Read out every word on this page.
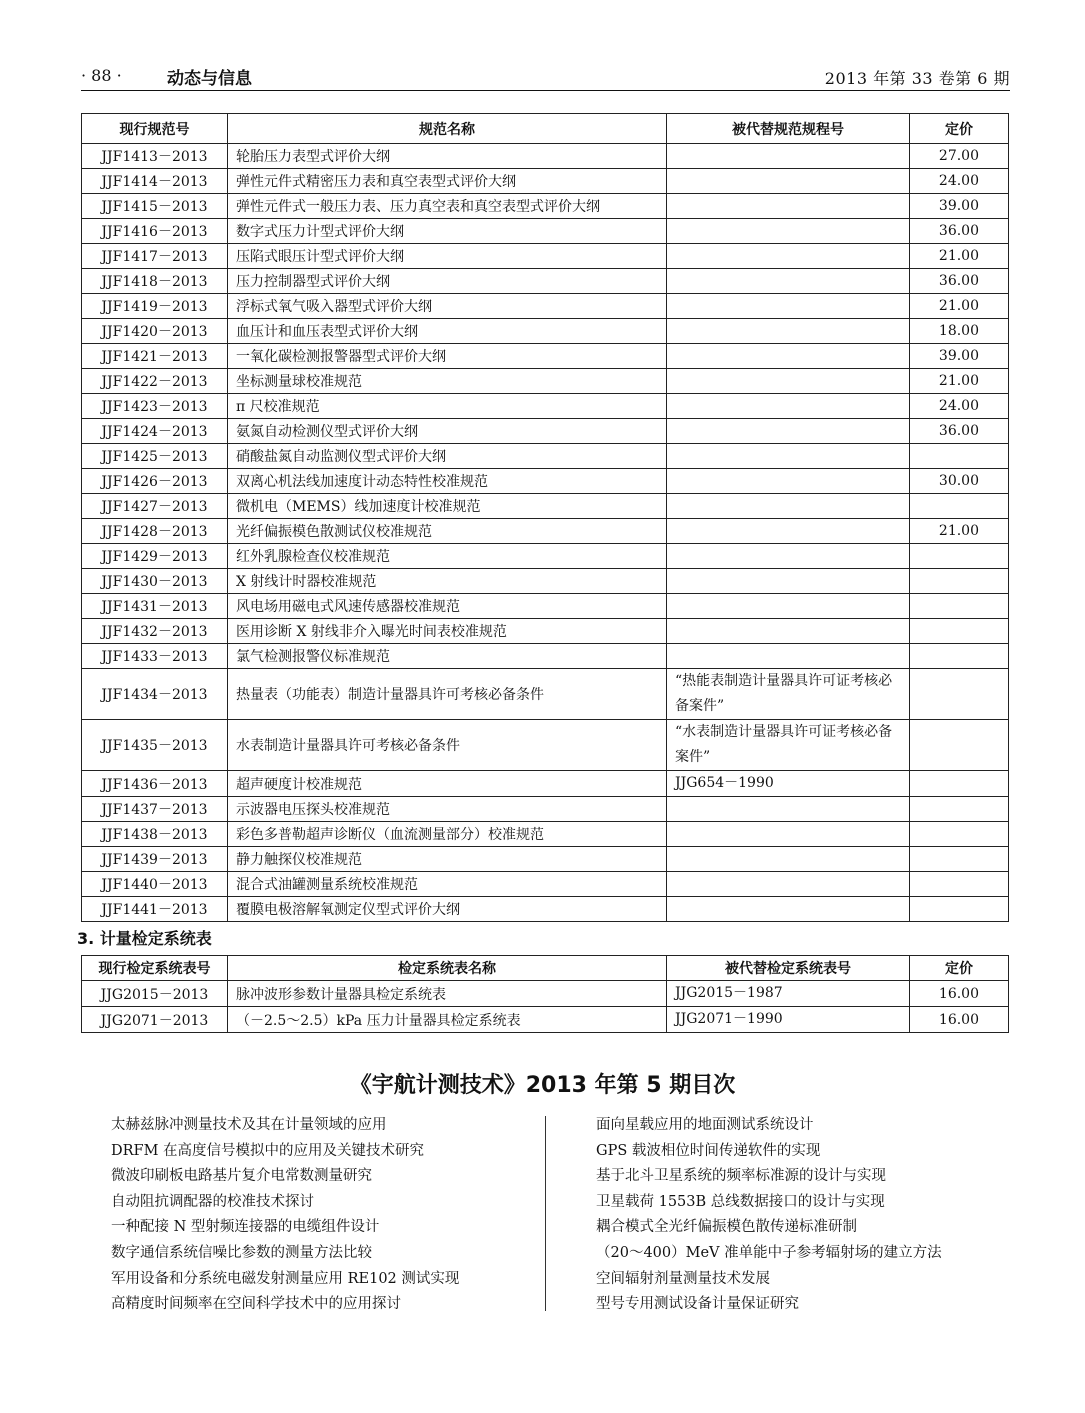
· 88 ·	动态与信息	2013 年第 33 卷第 6 期
现行规范号	规范名称	被代替规范规程号	定价
JJF1413－2013	轮胎压力表型式评价大纲		27.00
JJF1414－2013	弹性元件式精密压力表和真空表型式评价大纲		24.00
JJF1415－2013	弹性元件式一般压力表、压力真空表和真空表型式评价大纲		39.00
JJF1416－2013	数字式压力计型式评价大纲		36.00
JJF1417－2013	压陷式眼压计型式评价大纲		21.00
JJF1418－2013	压力控制器型式评价大纲		36.00
JJF1419－2013	浮标式氧气吸入器型式评价大纲		21.00
JJF1420－2013	血压计和血压表型式评价大纲		18.00
JJF1421－2013	一氧化碳检测报警器型式评价大纲		39.00
JJF1422－2013	坐标测量球校准规范		21.00
JJF1423－2013	π 尺校准规范		24.00
JJF1424－2013	氨氮自动检测仪型式评价大纲		36.00
JJF1425－2013	硝酸盐氮自动监测仪型式评价大纲		
JJF1426－2013	双离心机法线加速度计动态特性校准规范		30.00
JJF1427－2013	微机电（MEMS）线加速度计校准规范		
JJF1428－2013	光纤偏振模色散测试仪校准规范		21.00
JJF1429－2013	红外乳腺检查仪校准规范		
JJF1430－2013	X 射线计时器校准规范		
JJF1431－2013	风电场用磁电式风速传感器校准规范		
JJF1432－2013	医用诊断 X 射线非介入曝光时间表校准规范		
JJF1433－2013	氯气检测报警仪标准规范		
JJF1434－2013	热量表（功能表）制造计量器具许可考核必备条件	“热能表制造计量器具许可证考核必备案件”	
JJF1435－2013	水表制造计量器具许可考核必备条件	“水表制造计量器具许可证考核必备案件”	
JJF1436－2013	超声硬度计校准规范	JJG654－1990	
JJF1437－2013	示波器电压探头校准规范		
JJF1438－2013	彩色多普勒超声诊断仪（血流测量部分）校准规范		
JJF1439－2013	静力触探仪校准规范		
JJF1440－2013	混合式油罐测量系统校准规范		
JJF1441－2013	覆膜电极溶解氧测定仪型式评价大纲		
3. 计量检定系统表
现行检定系统表号	检定系统表名称	被代替检定系统表号	定价
JJG2015－2013	脉冲波形参数计量器具检定系统表	JJG2015－1987	16.00
JJG2071－2013	（－2.5～2.5）kPa 压力计量器具检定系统表	JJG2071－1990	16.00
《宇航计测技术》2013 年第 5 期目次
太赫兹脉冲测量技术及其在计量领域的应用
DRFM 在高度信号模拟中的应用及关键技术研究
微波印刷板电路基片复介电常数测量研究
自动阻抗调配器的校准技术探讨
一种配接 N 型射频连接器的电缆组件设计
数字通信系统信噪比参数的测量方法比较
军用设备和分系统电磁发射测量应用 RE102 测试实现
高精度时间频率在空间科学技术中的应用探讨
面向星载应用的地面测试系统设计
GPS 载波相位时间传递软件的实现
基于北斗卫星系统的频率标准源的设计与实现
卫星载荷 1553B 总线数据接口的设计与实现
耦合模式全光纤偏振模色散传递标准研制
（20～400）MeV 准单能中子参考辐射场的建立方法
空间辐射剂量测量技术发展
型号专用测试设备计量保证研究
